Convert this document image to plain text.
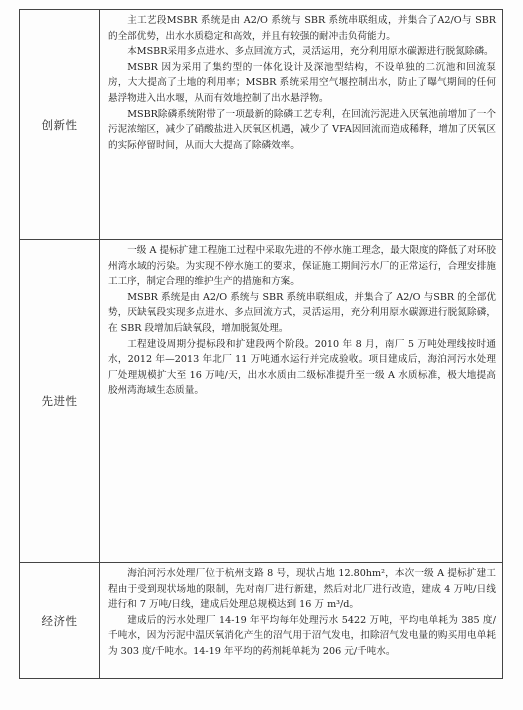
创新性	主工艺段MSBR 系统是由 A2/O 系统与 SBR 系统串联组成，并集合了A2/O与 SBR 的全部优势，出水水质稳定和高效，并且有较强的耐冲击负荷能力。

本MSBR采用多点进水、多点回流方式，灵活运用，充分利用原水碳源进行脱氮除磷。

MSBR 因为采用了集约型的一体化设计及深池型结构，不设单独的二沉池和回流泵房，大大提高了土地的利用率；MSBR 系统采用空气堰控制出水，防止了曝气期间的任何悬浮物进入出水堰，从而有效地控制了出水悬浮物。

MSBR除磷系统附带了一项最新的除磷工艺专利，在回流污泥进入厌氧池前增加了一个污泥浓缩区，减少了硝酸盐进入厌氧区机遇，减少了 VFA因回流而造成稀释，增加了厌氧区的实际停留时间，从而大大提高了除磷效率。

先进性	一级 A 提标扩建工程施工过程中采取先进的不停水施工理念，最大限度的降低了对环胶州湾水域的污染。为实现不停水施工的要求，保证施工期间污水厂的正常运行，合理安排施工工序，制定合理的维护生产的措施和方案。

MSBR 系统是由 A2/O 系统与 SBR 系统串联组成，并集合了 A2/O 与SBR 的全部优势，厌缺氧段实现多点进水、多点回流方式，灵活运用，充分利用原水碳源进行脱氮除磷，在 SBR 段增加后缺氧段，增加脱氮处理。

工程建设周期分提标段和扩建段两个阶段。2010 年 8 月，南厂 5 万吨处理线按时通水，2012 年—2013 年北厂 11 万吨通水运行并完成验收。项目建成后，海泊河污水处理厂处理规模扩大至 16 万吨/天，出水水质由二级标准提升至一级 A 水质标准，极大地提高胶州湾海域生态质量。

经济性	海泊河污水处理厂位于杭州支路 8 号，现状占地 12.80hm²，本次一级 A 提标扩建工程由于受到现状场地的限制，先对南厂进行新建，然后对北厂进行改造，建成 4 万吨/日线进行和 7 万吨/日线，建成后处理总规模达到 16 万 m³/d。

建成后的污水处理厂 14-19 年平均每年处理污水 5422 万吨，平均电单耗为 385 度/千吨水，因为污泥中温厌氧消化产生的沼气用于沼气发电，扣除沼气发电量的购买用电单耗为 303 度/千吨水。14-19 年平均的药剂耗单耗为 206 元/千吨水。
